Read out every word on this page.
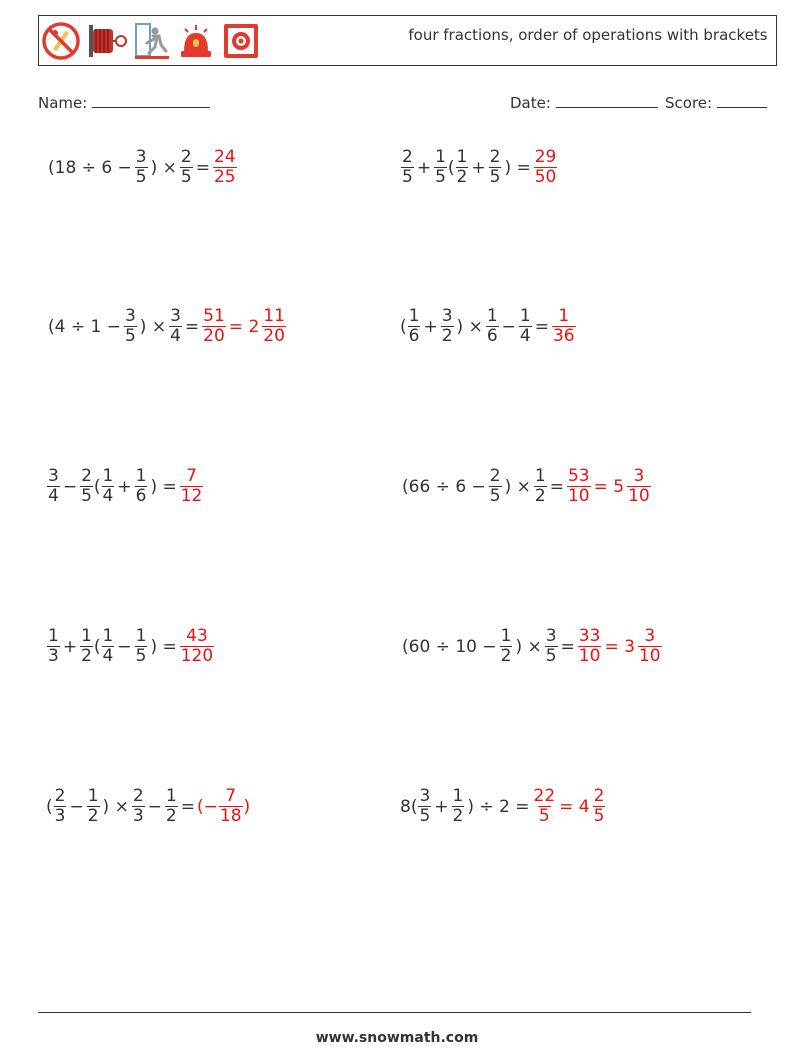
four fractions, order of operations with brackets
Name:	Date:	Score:
($18 \div 6 - \frac{3}{5}$ ) × $\frac{2}{5} = \frac{24}{25}$	$\frac{2}{5} + \frac{1}{5}$ ( $\frac{1}{2} + \frac{2}{5}$ ) = $\frac{29}{50}$
($4 \div 1 - \frac{3}{5}$ ) × $\frac{3}{4} = \frac{51}{20} = 2 \frac{11}{20}$	( $\frac{1}{6} + \frac{3}{2}$ ) × $\frac{1}{6} - \frac{1}{4} = \frac{1}{36}$
$\frac{3}{4} - \frac{2}{5}$ ( $\frac{1}{4} + \frac{1}{6}$ ) = $\frac{7}{12}$	($66 \div 6 - \frac{2}{5}$ ) × $\frac{1}{2} = \frac{53}{10} = 5 \frac{3}{10}$
$\frac{1}{3} + \frac{1}{2}$ ( $\frac{1}{4} - \frac{1}{5}$ ) = $\frac{43}{120}$	($60 \div 10 - \frac{1}{2}$ ) × $\frac{3}{5} = \frac{33}{10} = 3 \frac{3}{10}$
( $\frac{2}{3} - \frac{1}{2}$ ) × $\frac{2}{3} - \frac{1}{2}$ = (− $\frac{7}{18}$ )	$8( \frac{3}{5} + \frac{1}{2}$ ) ÷ $2 = \frac{22}{5} = 4 \frac{2}{5}$
www.snowmath.com
